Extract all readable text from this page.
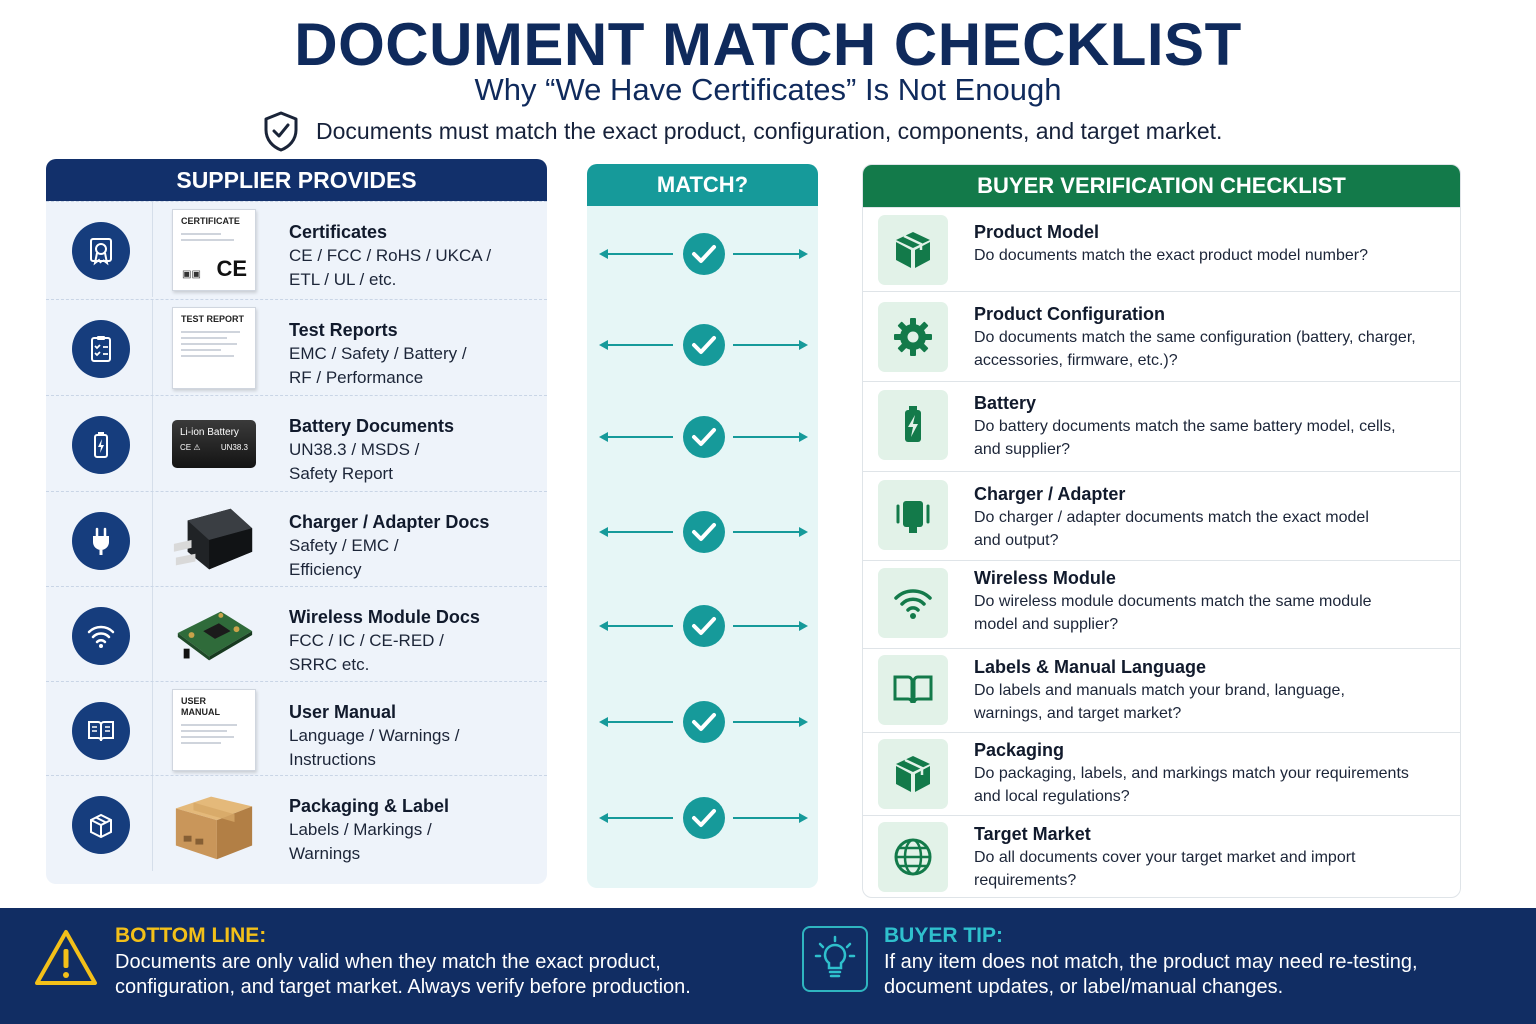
DOCUMENT MATCH CHECKLIST
Why “We Have Certificates” Is Not Enough
Documents must match the exact product, configuration, components, and target market.
SUPPLIER PROVIDES
CERTIFICATE
▣▣ CE
Certificates
CE / FCC / RoHS / UKCA /
ETL / UL / etc.
TEST REPORT
Test Reports
EMC / Safety / Battery /
RF / Performance
Li-ion Battery
CE ⚠	UN38.3
Battery Documents
UN38.3 / MSDS /
Safety Report
Charger / Adapter Docs
Safety / EMC /
Efficiency
Wireless Module Docs
FCC / IC / CE-RED /
SRRC etc.
USER
MANUAL	User Manual
Language / Warnings /
Instructions
Packaging & Label
Labels / Markings /
Warnings
MATCH?	BUYER VERIFICATION CHECKLIST
Product Model
Do documents match the exact product model number?
Product Configuration
Do documents match the same configuration (battery, charger,
accessories, firmware, etc.)?
Battery
Do battery documents match the same battery model, cells,
and supplier?
Charger / Adapter
Do charger / adapter documents match the exact model
and output?
Wireless Module
Do wireless module documents match the same module
model and supplier?
Labels & Manual Language
Do labels and manuals match your brand, language,
warnings, and target market?
Packaging
Do packaging, labels, and markings match your requirements
and local regulations?
Target Market
Do all documents cover your target market and import
requirements?
BOTTOM LINE:
Documents are only valid when they match the exact product,
configuration, and target market. Always verify before production.
BUYER TIP:
If any item does not match, the product may need re-testing,
document updates, or label/manual changes.
